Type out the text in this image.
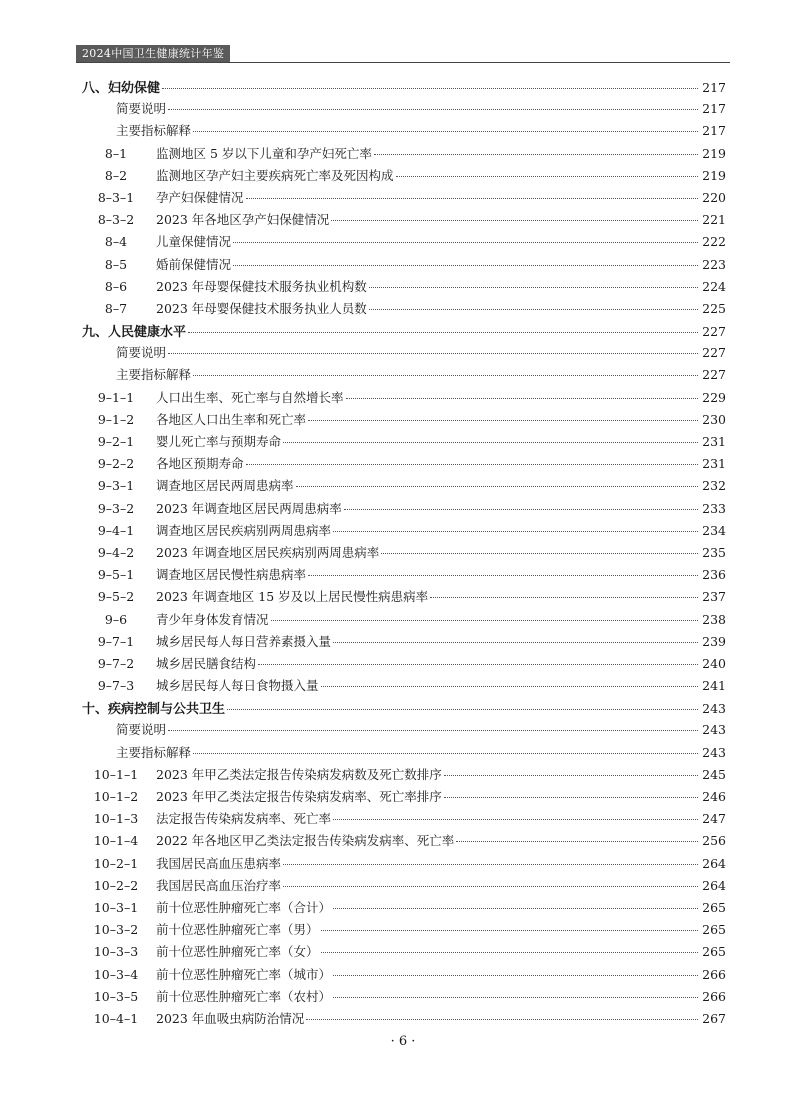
2024中国卫生健康统计年鉴
八、妇幼保健	217
简要说明	217
主要指标解释	217
8–1	监测地区 5 岁以下儿童和孕产妇死亡率	219
8–2	监测地区孕产妇主要疾病死亡率及死因构成	219
8–3–1	孕产妇保健情况	220
8–3–2	2023 年各地区孕产妇保健情况	221
8–4	儿童保健情况	222
8–5	婚前保健情况	223
8–6	2023 年母婴保健技术服务执业机构数	224
8–7	2023 年母婴保健技术服务执业人员数	225
九、人民健康水平	227
简要说明	227
主要指标解释	227
9–1–1	人口出生率、死亡率与自然增长率	229
9–1–2	各地区人口出生率和死亡率	230
9–2–1	婴儿死亡率与预期寿命	231
9–2–2	各地区预期寿命	231
9–3–1	调查地区居民两周患病率	232
9–3–2	2023 年调查地区居民两周患病率	233
9–4–1	调查地区居民疾病别两周患病率	234
9–4–2	2023 年调查地区居民疾病别两周患病率	235
9–5–1	调查地区居民慢性病患病率	236
9–5–2	2023 年调查地区 15 岁及以上居民慢性病患病率	237
9–6	青少年身体发育情况	238
9–7–1	城乡居民每人每日营养素摄入量	239
9–7–2	城乡居民膳食结构	240
9–7–3	城乡居民每人每日食物摄入量	241
十、疾病控制与公共卫生	243
简要说明	243
主要指标解释	243
10–1–1	2023 年甲乙类法定报告传染病发病数及死亡数排序	245
10–1–2	2023 年甲乙类法定报告传染病发病率、死亡率排序	246
10–1–3	法定报告传染病发病率、死亡率	247
10–1–4	2022 年各地区甲乙类法定报告传染病发病率、死亡率	256
10–2–1	我国居民高血压患病率	264
10–2–2	我国居民高血压治疗率	264
10–3–1	前十位恶性肿瘤死亡率（合计）	265
10–3–2	前十位恶性肿瘤死亡率（男）	265
10–3–3	前十位恶性肿瘤死亡率（女）	265
10–3–4	前十位恶性肿瘤死亡率（城市）	266
10–3–5	前十位恶性肿瘤死亡率（农村）	266
10–4–1	2023 年血吸虫病防治情况	267
· 6 ·
